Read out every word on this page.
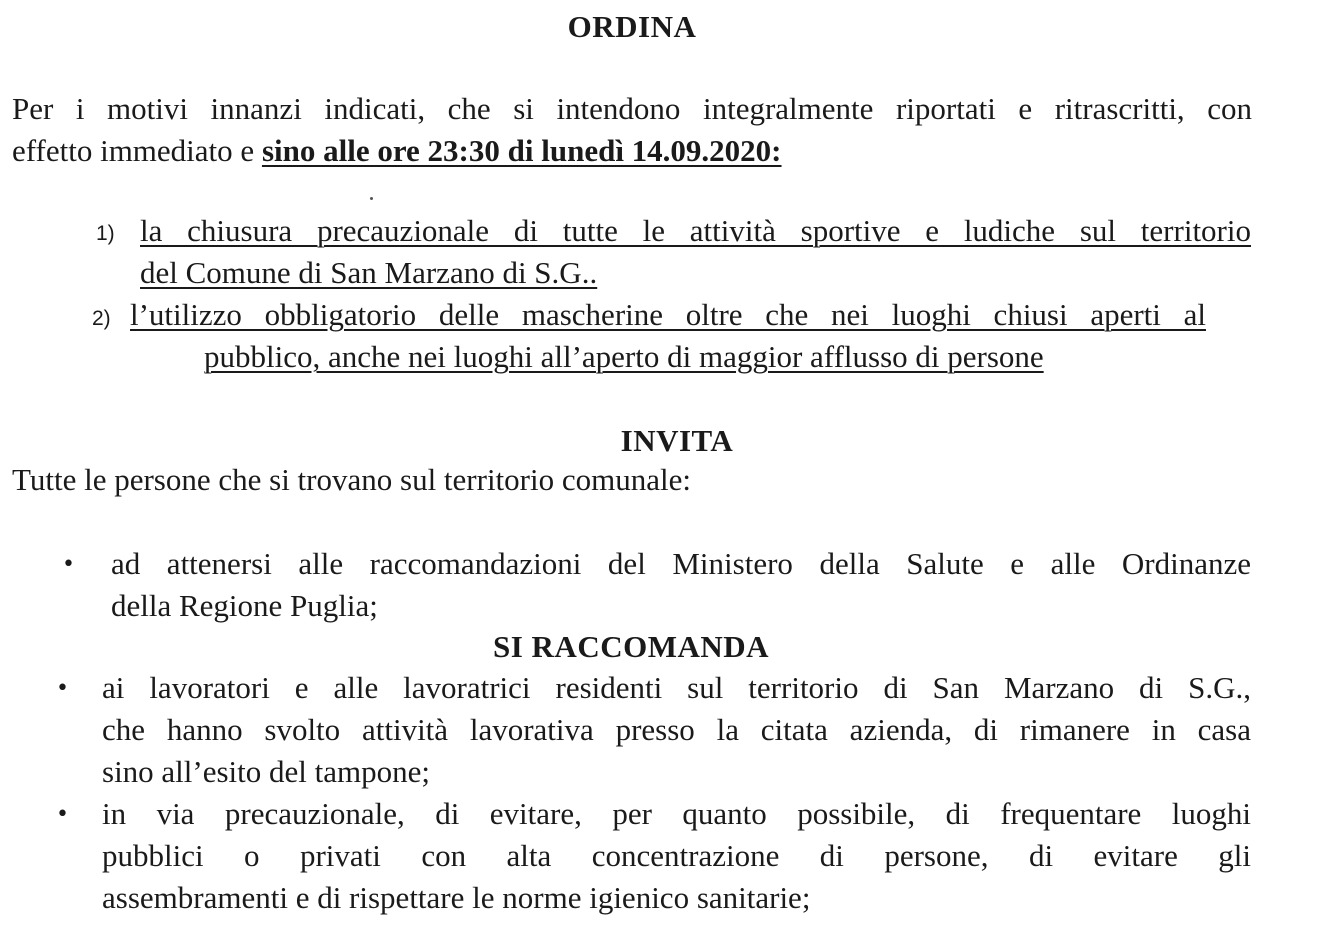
ORDINA
Per i motivi innanzi indicati, che si intendono integralmente riportati e ritrascritti, con
effetto immediato e sino alle ore 23:30 di lunedì 14.09.2020:
1) la chiusura precauzionale di tutte le attività sportive e ludiche sul territorio
del Comune di San Marzano di S.G..
2) l’utilizzo obbligatorio delle mascherine oltre che nei luoghi chiusi aperti al
pubblico, anche nei luoghi all’aperto di maggior afflusso di persone
INVITA
Tutte le persone che si trovano sul territorio comunale:
• ad attenersi alle raccomandazioni del Ministero della Salute e alle Ordinanze
della Regione Puglia;
SI RACCOMANDA
• ai lavoratori e alle lavoratrici residenti sul territorio di San Marzano di S.G.,
che hanno svolto attività lavorativa presso la citata azienda, di rimanere in casa
sino all’esito del tampone;
• in via precauzionale, di evitare, per quanto possibile, di frequentare luoghi
pubblici o privati con alta concentrazione di persone, di evitare gli
assembramenti e di rispettare le norme igienico sanitarie;
